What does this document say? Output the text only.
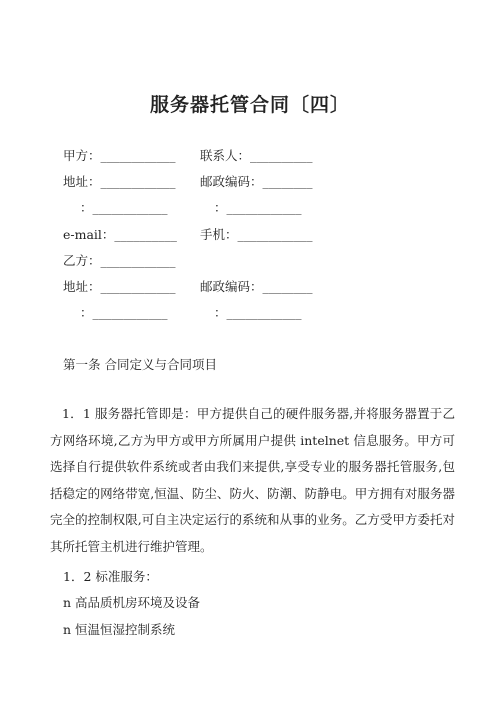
服务器托管合同〔四〕
甲方：____________ 联系人：__________
地址：____________ 邮政编码：________
：____________	：____________
e-mail：__________ 手机：____________
乙方：____________
地址：____________ 邮政编码：________
：____________	：____________
第一条 合同定义与合同项目
1．1 服务器托管即是：甲方提供自己的硬件服务器,并将服务器置于乙方网络环境,乙方为甲方或甲方所属用户提供 intelnet 信息服务。甲方可选择自行提供软件系统或者由我们来提供,享受专业的服务器托管服务,包括稳定的网络带宽,恒温、防尘、防火、防潮、防静电。甲方拥有对服务器完全的控制权限,可自主决定运行的系统和从事的业务。乙方受甲方委托对其所托管主机进行维护管理。
1．2 标准服务：
n 高品质机房环境及设备
n 恒温恒湿控制系统
